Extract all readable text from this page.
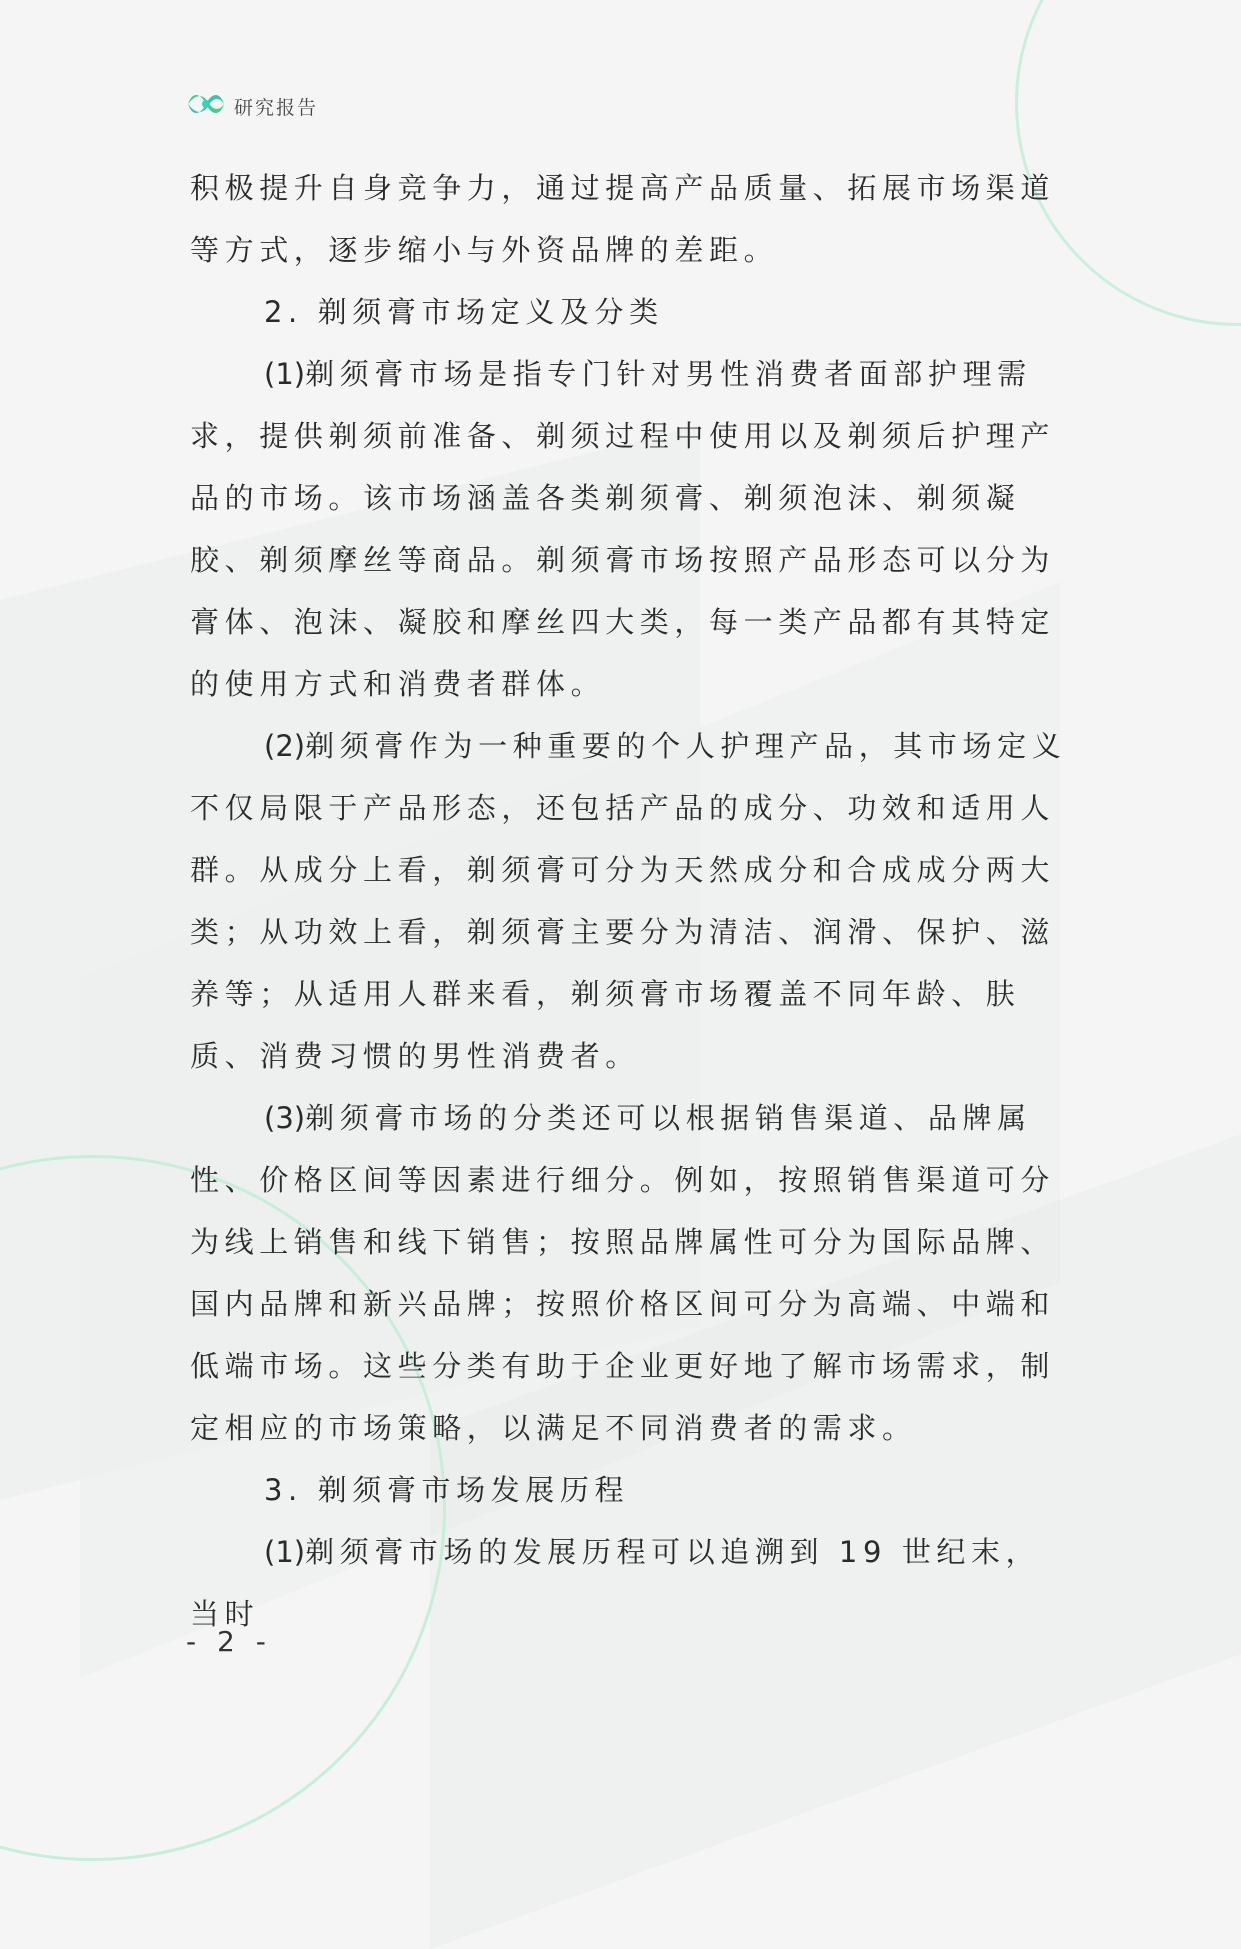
研究报告

积极提升自身竞争力，通过提高产品质量、拓展市场渠道等方式，逐步缩小与外资品牌的差距。

2. 剃须膏市场定义及分类

(1)剃须膏市场是指专门针对男性消费者面部护理需求，提供剃须前准备、剃须过程中使用以及剃须后护理产品的市场。该市场涵盖各类剃须膏、剃须泡沫、剃须凝胶、剃须摩丝等商品。剃须膏市场按照产品形态可以分为膏体、泡沫、凝胶和摩丝四大类，每一类产品都有其特定的使用方式和消费者群体。

(2)剃须膏作为一种重要的个人护理产品，其市场定义不仅局限于产品形态，还包括产品的成分、功效和适用人群。从成分上看，剃须膏可分为天然成分和合成成分两大类；从功效上看，剃须膏主要分为清洁、润滑、保护、滋养等；从适用人群来看，剃须膏市场覆盖不同年龄、肤质、消费习惯的男性消费者。

(3)剃须膏市场的分类还可以根据销售渠道、品牌属性、价格区间等因素进行细分。例如，按照销售渠道可分为线上销售和线下销售；按照品牌属性可分为国际品牌、国内品牌和新兴品牌；按照价格区间可分为高端、中端和低端市场。这些分类有助于企业更好地了解市场需求，制定相应的市场策略，以满足不同消费者的需求。

3. 剃须膏市场发展历程

(1)剃须膏市场的发展历程可以追溯到 19 世纪末，当时

- 2 -
